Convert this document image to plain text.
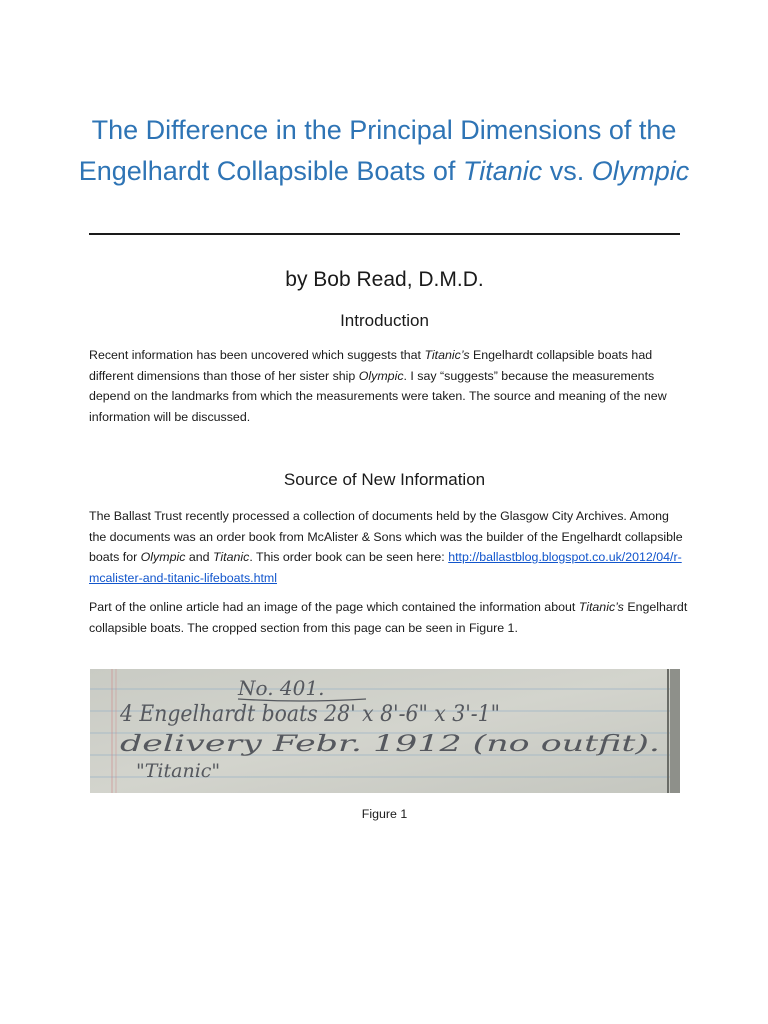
The Difference in the Principal Dimensions of the Engelhardt Collapsible Boats of Titanic vs. Olympic

by Bob Read, D.M.D.

Introduction

Recent information has been uncovered which suggests that Titanic’s Engelhardt collapsible boats had different dimensions than those of her sister ship Olympic. I say “suggests” because the measurements depend on the landmarks from which the measurements were taken. The source and meaning of the new information will be discussed.

Source of New Information

The Ballast Trust recently processed a collection of documents held by the Glasgow City Archives. Among the documents was an order book from McAlister & Sons which was the builder of the Engelhardt collapsible boats for Olympic and Titanic. This order book can be seen here: http://ballastblog.blogspot.co.uk/2012/04/r-mcalister-and-titanic-lifeboats.html

Part of the online article had an image of the page which contained the information about Titanic’s Engelhardt collapsible boats. The cropped section from this page can be seen in Figure 1.

No. 401.
4 Engelhardt boats 28' x 8'-6" x 3'-1"
delivery Febr. 1912 (no outfit).
"Titanic"

Figure 1
